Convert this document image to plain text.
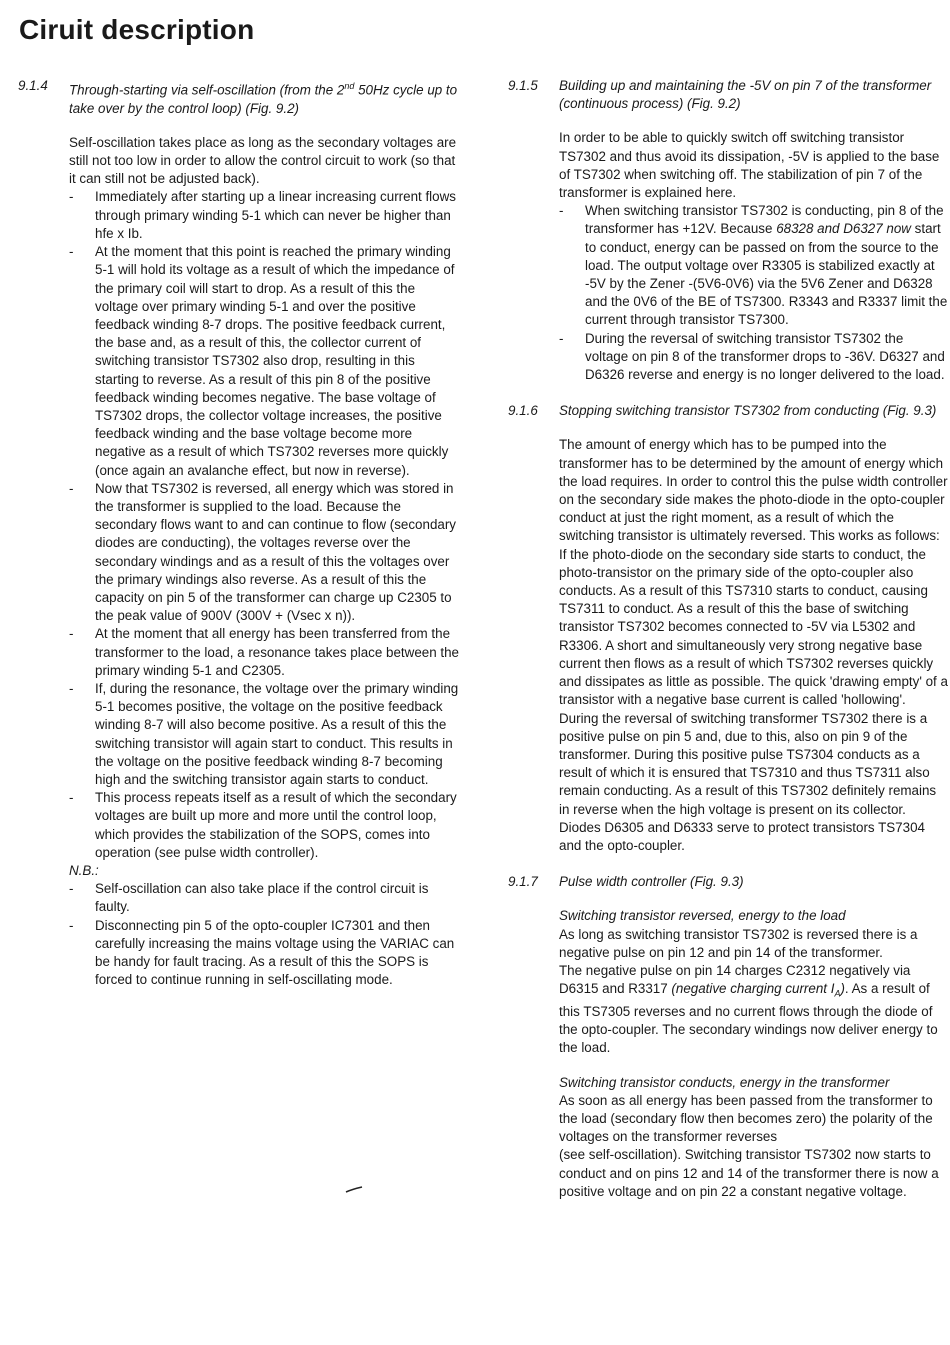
Ciruit description
9.1.4	Through-starting via self-oscillation (from the 2nd 50Hz cycle up to take over by the control loop) (Fig. 9.2)

Self-oscillation takes place as long as the secondary voltages are still not too low in order to allow the control circuit to work (so that it can still not be adjusted back).

- Immediately after starting up a linear increasing current flows through primary winding 5-1 which can never be higher than hfe x Ib.
- At the moment that this point is reached the primary winding 5-1 will hold its voltage as a result of which the impedance of the primary coil will start to drop. As a result of this the voltage over primary winding 5-1 and over the positive feedback winding 8-7 drops. The positive feedback current, the base and, as a result of this, the collector current of switching transistor TS7302 also drop, resulting in this starting to reverse. As a result of this pin 8 of the positive feedback winding becomes negative. The base voltage of TS7302 drops, the collector voltage increases, the positive feedback winding and the base voltage become more negative as a result of which TS7302 reverses more quickly (once again an avalanche effect, but now in reverse).
- Now that TS7302 is reversed, all energy which was stored in the transformer is supplied to the load. Because the secondary flows want to and can continue to flow (secondary diodes are conducting), the voltages reverse over the secondary windings and as a result of this the voltages over the primary windings also reverse. As a result of this the capacity on pin 5 of the transformer can charge up C2305 to the peak value of 900V (300V + (Vsec x n)).
- At the moment that all energy has been transferred from the transformer to the load, a resonance takes place between the primary winding 5-1 and C2305.
- If, during the resonance, the voltage over the primary winding 5-1 becomes positive, the voltage on the positive feedback winding 8-7 will also become positive. As a result of this the switching transistor will again start to conduct. This results in the voltage on the positive feedback winding 8-7 becoming high and the switching transistor again starts to conduct.
- This process repeats itself as a result of which the secondary voltages are built up more and more until the control loop, which provides the stabilization of the SOPS, comes into operation (see pulse width controller).

N.B.:

- Self-oscillation can also take place if the control circuit is faulty.
- Disconnecting pin 5 of the opto-coupler IC7301 and then carefully increasing the mains voltage using the VARIAC can be handy for fault tracing. As a result of this the SOPS is forced to continue running in self-oscillating mode.
9.1.5	Building up and maintaining the -5V on pin 7 of the transformer (continuous process) (Fig. 9.2)

In order to be able to quickly switch off switching transistor TS7302 and thus avoid its dissipation, -5V is applied to the base of TS7302 when switching off. The stabilization of pin 7 of the transformer is explained here.

- When switching transistor TS7302 is conducting, pin 8 of the transformer has +12V. Because 68328 and D6327 now start to conduct, energy can be passed on from the source to the load. The output voltage over R3305 is stabilized exactly at -5V by the Zener -(5V6-0V6) via the 5V6 Zener and D6328 and the 0V6 of the BE of TS7300. R3343 and R3337 limit the current through transistor TS7300.
- During the reversal of switching transistor TS7302 the voltage on pin 8 of the transformer drops to -36V. D6327 and D6326 reverse and energy is no longer delivered to the load.
9.1.6	Stopping switching transistor TS7302 from conducting (Fig. 9.3)

The amount of energy which has to be pumped into the transformer has to be determined by the amount of energy which the load requires. In order to control this the pulse width controller on the secondary side makes the photo-diode in the opto-coupler conduct at just the right moment, as a result of which the switching transistor is ultimately reversed. This works as follows:

If the photo-diode on the secondary side starts to conduct, the photo-transistor on the primary side of the opto-coupler also conducts. As a result of this TS7310 starts to conduct, causing TS7311 to conduct. As a result of this the base of switching transistor TS7302 becomes connected to -5V via L5302 and R3306. A short and simultaneously very strong negative base current then flows as a result of which TS7302 reverses quickly and dissipates as little as possible. The quick 'drawing empty' of a transistor with a negative base current is called 'hollowing'.

During the reversal of switching transformer TS7302 there is a positive pulse on pin 5 and, due to this, also on pin 9 of the transformer. During this positive pulse TS7304 conducts as a result of which it is ensured that TS7310 and thus TS7311 also remain conducting. As a result of this TS7302 definitely remains in reverse when the high voltage is present on its collector.

Diodes D6305 and D6333 serve to protect transistors TS7304 and the opto-coupler.

9.1.7	Pulse width controller (Fig. 9.3)

Switching transistor reversed, energy to the load

As long as switching transistor TS7302 is reversed there is a negative pulse on pin 12 and pin 14 of the transformer.

The negative pulse on pin 14 charges C2312 negatively via D6315 and R3317 (negative charging current $I_A$). As a result of this TS7305 reverses and no current flows through the diode of the opto-coupler. The secondary windings now deliver energy to the load.

Switching transistor conducts, energy in the transformer

As soon as all energy has been passed from the transformer to the load (secondary flow then becomes zero) the polarity of the voltages on the transformer reverses

(see self-oscillation). Switching transistor TS7302 now starts to conduct and on pins 12 and 14 of the transformer there is now a positive voltage and on pin 22 a constant negative voltage.
